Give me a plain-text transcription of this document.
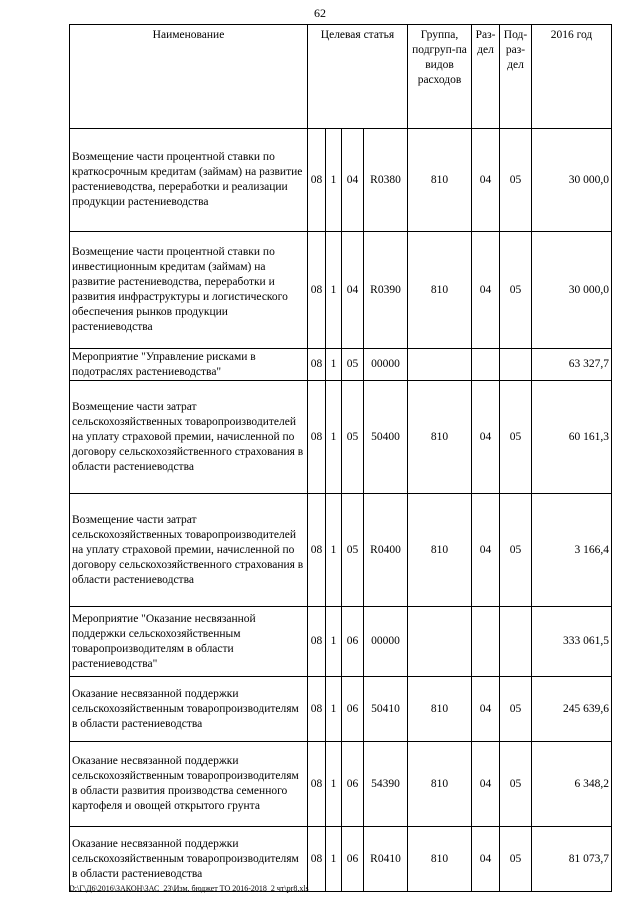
62
Наименование	Целевая статья				Группа, подгруп-па видов расходов	Раз-дел	Под-раз-дел	2016 год
Возмещение части процентной ставки по краткосрочным кредитам (займам) на развитие растениеводства, переработки и реализации продукции растениеводства	08	1	04	R0380	810	04	05	30 000,0
Возмещение части процентной ставки по инвестиционным кредитам (займам) на развитие растениеводства, переработки и развития инфраструктуры и логистического обеспечения рынков продукции растениеводства	08	1	04	R0390	810	04	05	30 000,0
Мероприятие "Управление рисками в подотраслях растениеводства"	08	1	05	00000				63 327,7
Возмещение части затрат сельскохозяйственных товаропроизводителей на уплату страховой премии, начисленной по договору сельскохозяйственного страхования в области растениеводства	08	1	05	50400	810	04	05	60 161,3
Возмещение части затрат сельскохозяйственных товаропроизводителей на уплату страховой премии, начисленной по договору сельскохозяйственного страхования в области растениеводства	08	1	05	R0400	810	04	05	3 166,4
Мероприятие "Оказание несвязанной поддержки сельскохозяйственным товаропроизводителям в области растениеводства"	08	1	06	00000				333 061,5
Оказание несвязанной поддержки сельскохозяйственным товаропроизводителям в области растениеводства	08	1	06	50410	810	04	05	245 639,6
Оказание несвязанной поддержки сельскохозяйственным товаропроизводителям в области развития производства семенного картофеля и овощей открытого грунта	08	1	06	54390	810	04	05	6 348,2
Оказание несвязанной поддержки сельскохозяйственным товаропроизводителям в области растениеводства	08	1	06	R0410	810	04	05	81 073,7
D:\Г\Д6\2016\ЗАКОН\ЗАС_23\Изм. бюджет ТО 2016-2018_2 чт\pr8.xls
